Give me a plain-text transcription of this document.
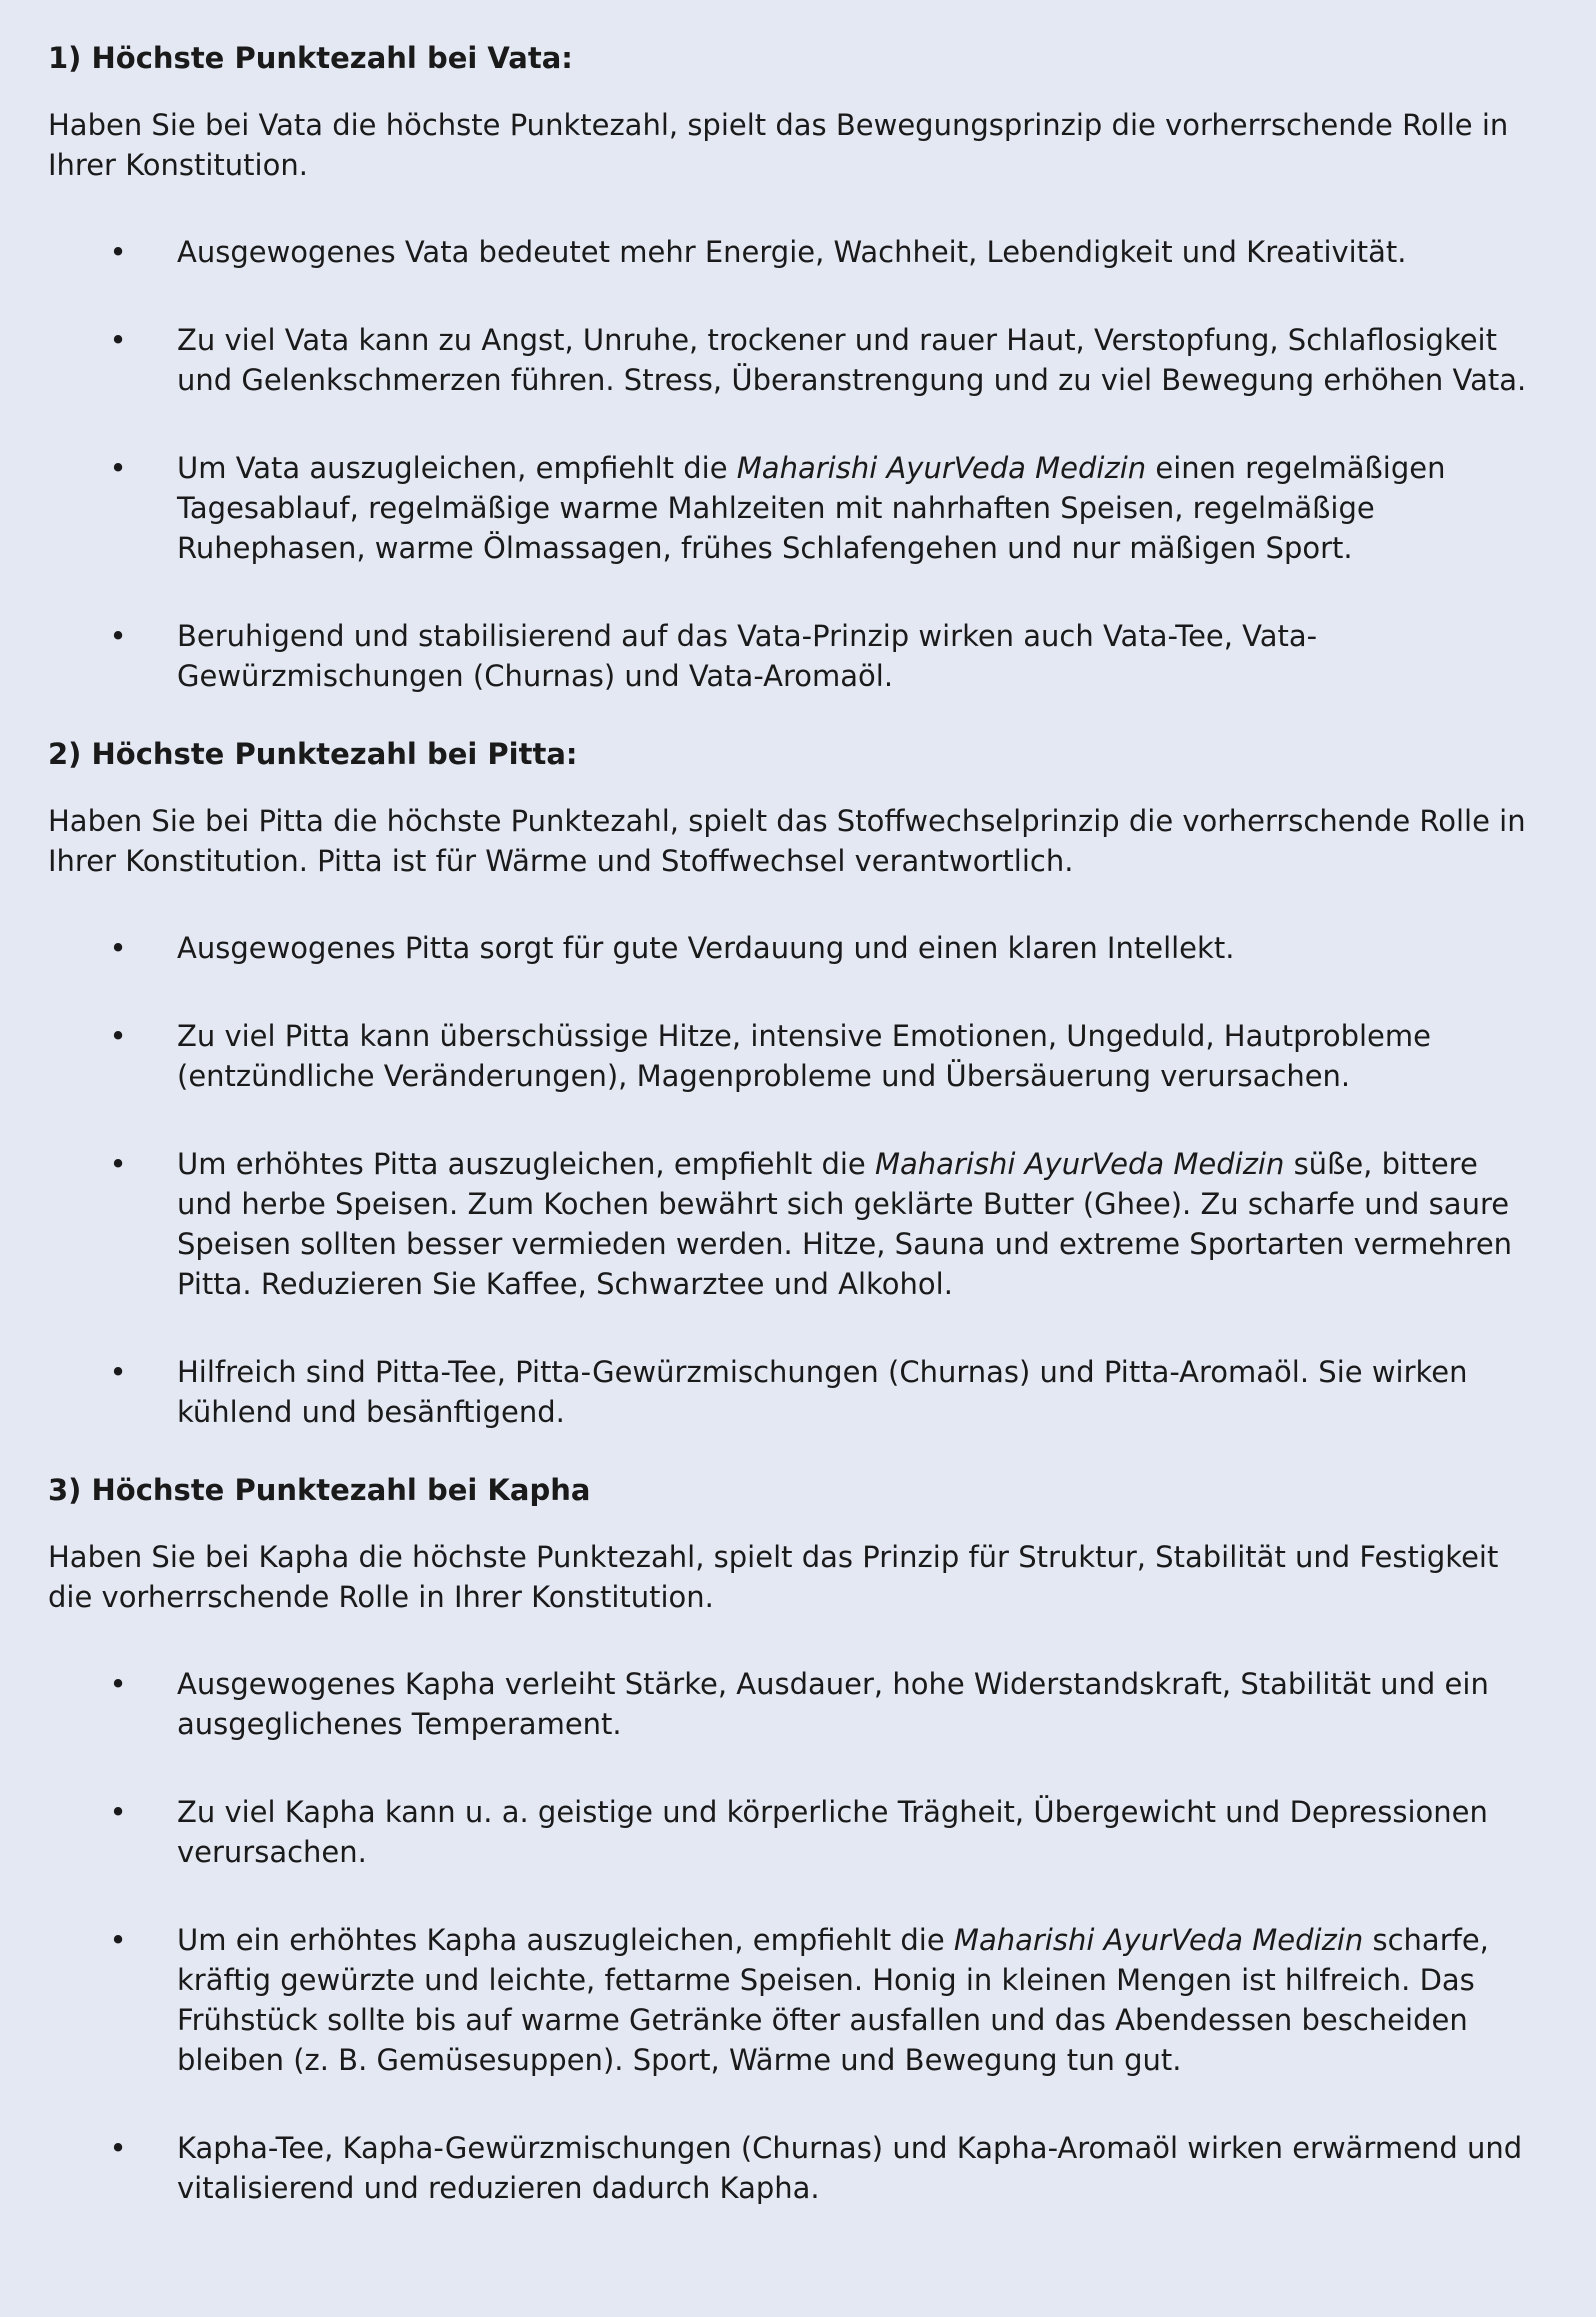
1) Höchste Punktezahl bei Vata:

Haben Sie bei Vata die höchste Punktezahl, spielt das Bewegungsprinzip die vorherrschende Rolle in Ihrer Konstitution.

• Ausgewogenes Vata bedeutet mehr Energie, Wachheit, Lebendigkeit und Kreativität.
• Zu viel Vata kann zu Angst, Unruhe, trockener und rauer Haut, Verstopfung, Schlaflosigkeit und Gelenkschmerzen führen. Stress, Überanstrengung und zu viel Bewegung erhöhen Vata.
• Um Vata auszugleichen, empfiehlt die Maharishi AyurVeda Medizin einen regelmäßigen Tagesablauf, regelmäßige warme Mahlzeiten mit nahrhaften Speisen, regelmäßige Ruhephasen, warme Ölmassagen, frühes Schlafengehen und nur mäßigen Sport.
• Beruhigend und stabilisierend auf das Vata-Prinzip wirken auch Vata-Tee, Vata-Gewürzmischungen (Churnas) und Vata-Aromaöl.
2) Höchste Punktezahl bei Pitta:

Haben Sie bei Pitta die höchste Punktezahl, spielt das Stoffwechselprinzip die vorherrschende Rolle in Ihrer Konstitution. Pitta ist für Wärme und Stoffwechsel verantwortlich.

• Ausgewogenes Pitta sorgt für gute Verdauung und einen klaren Intellekt.
• Zu viel Pitta kann überschüssige Hitze, intensive Emotionen, Ungeduld, Hautprobleme (entzündliche Veränderungen), Magenprobleme und Übersäuerung verursachen.
• Um erhöhtes Pitta auszugleichen, empfiehlt die Maharishi AyurVeda Medizin süße, bittere und herbe Speisen. Zum Kochen bewährt sich geklärte Butter (Ghee). Zu scharfe und saure Speisen sollten besser vermieden werden. Hitze, Sauna und extreme Sportarten vermehren Pitta. Reduzieren Sie Kaffee, Schwarztee und Alkohol.
• Hilfreich sind Pitta-Tee, Pitta-Gewürzmischungen (Churnas) und Pitta-Aromaöl. Sie wirken kühlend und besänftigend.
3) Höchste Punktezahl bei Kapha

Haben Sie bei Kapha die höchste Punktezahl, spielt das Prinzip für Struktur, Stabilität und Festigkeit die vorherrschende Rolle in Ihrer Konstitution.

• Ausgewogenes Kapha verleiht Stärke, Ausdauer, hohe Widerstandskraft, Stabilität und ein ausgeglichenes Temperament.
• Zu viel Kapha kann u. a. geistige und körperliche Trägheit, Übergewicht und Depressionen verursachen.
• Um ein erhöhtes Kapha auszugleichen, empfiehlt die Maharishi AyurVeda Medizin scharfe, kräftig gewürzte und leichte, fettarme Speisen. Honig in kleinen Mengen ist hilfreich. Das Frühstück sollte bis auf warme Getränke öfter ausfallen und das Abendessen bescheiden bleiben (z. B. Gemüsesuppen). Sport, Wärme und Bewegung tun gut.
• Kapha-Tee, Kapha-Gewürzmischungen (Churnas) und Kapha-Aromaöl wirken erwärmend und vitalisierend und reduzieren dadurch Kapha.
